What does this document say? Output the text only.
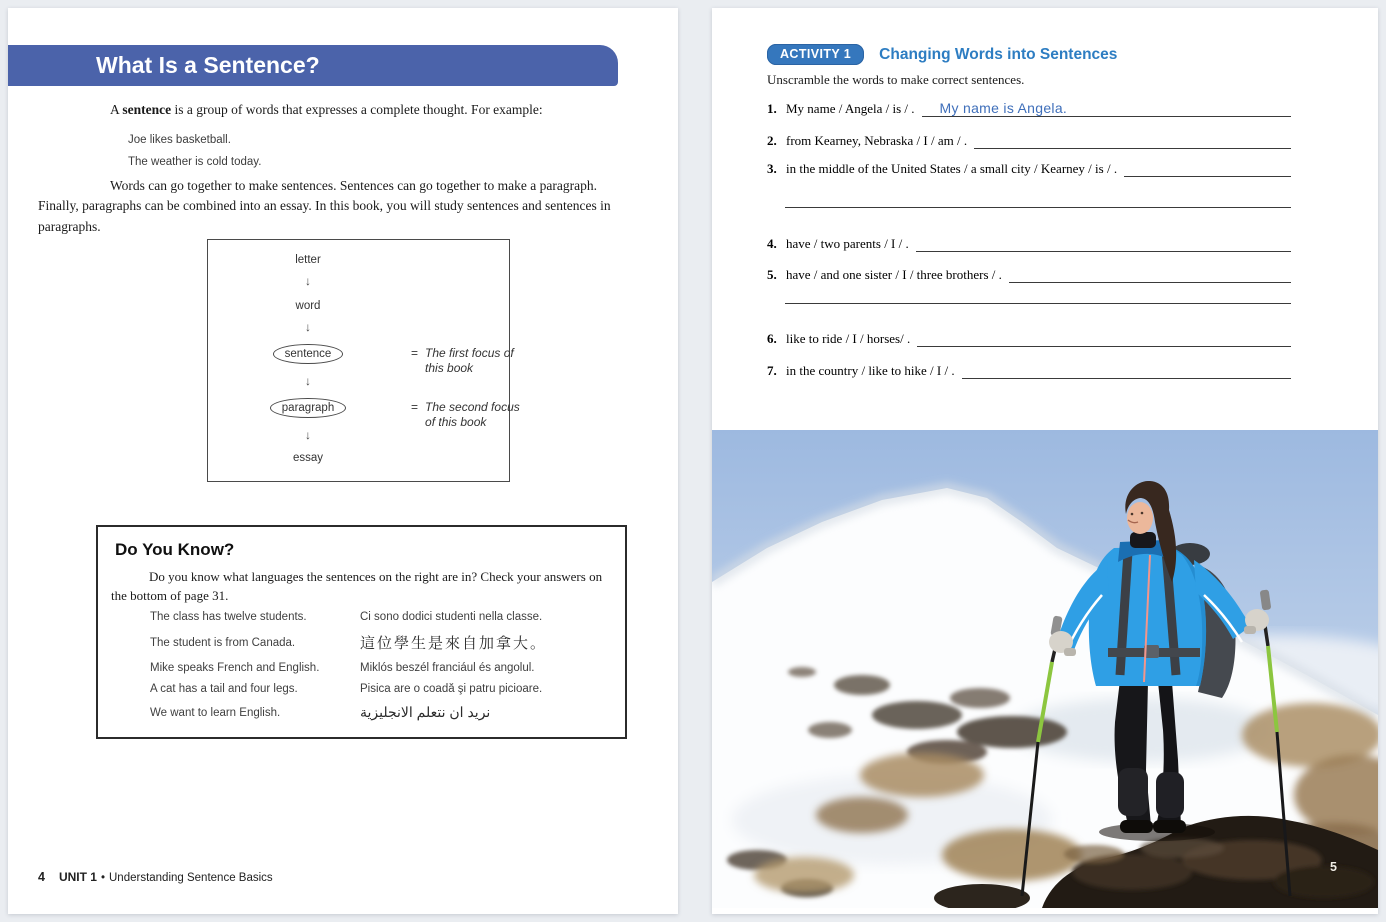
What Is a Sentence?

A sentence is a group of words that expresses a complete thought. For example:

Joe likes basketball.
The weather is cold today.

Words can go together to make sentences. Sentences can go together to make a paragraph. Finally, paragraphs can be combined into an essay. In this book, you will study sentences and sentences in paragraphs.

letter
↓
word
↓
sentence
↓
paragraph
↓
essay
= The first focus of this book
= The second focus of this book
Do You Know?

Do you know what languages the sentences on the right are in? Check your answers on the bottom of page 31.

The class has twelve students.	Ci sono dodici studenti nella classe.
The student is from Canada.	這位學生是來自加拿大。
Mike speaks French and English.	Miklós beszél franciául és angolul.
A cat has a tail and four legs.	Pisica are o coadă şi patru picioare.
We want to learn English.	نريد ان نتعلم الانجليزية
4 UNIT 1 • Understanding Sentence Basics
ACTIVITY 1	Changing Words into Sentences

Unscramble the words to make correct sentences.

1. My name / Angela / is / .	My name is Angela.
2. from Kearney, Nebraska / I / am / .
3. in the middle of the United States / a small city / Kearney / is / .
4. have / two parents / I / .
5. have / and one sister / I / three brothers / .
6. like to ride / I / horses/ .
7. in the country / like to hike / I / .
5
